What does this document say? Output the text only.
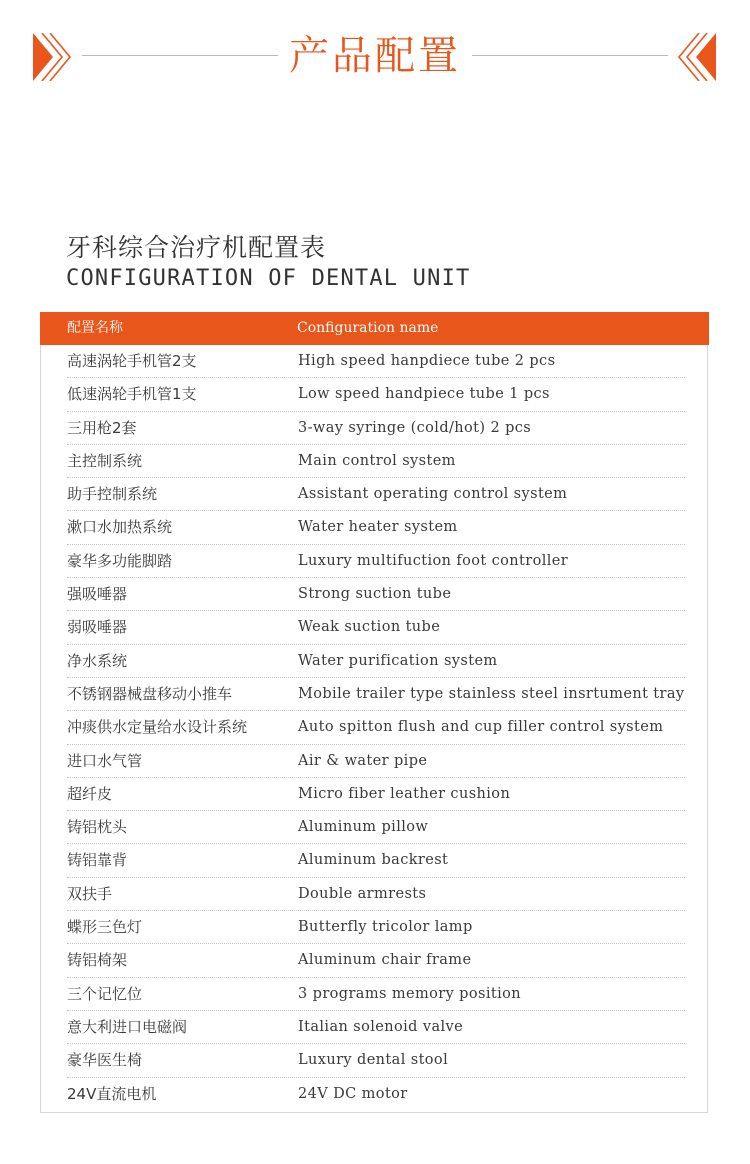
产品配置
牙科综合治疗机配置表
CONFIGURATION OF DENTAL UNIT
配置名称	Configuration name
高速涡轮手机管2支	High speed hanpdiece tube 2 pcs
低速涡轮手机管1支	Low speed handpiece tube 1 pcs
三用枪2套	3-way syringe (cold/hot) 2 pcs
主控制系统	Main control system
助手控制系统	Assistant operating control system
漱口水加热系统	Water heater system
豪华多功能脚踏	Luxury multifuction foot controller
强吸唾器	Strong suction tube
弱吸唾器	Weak suction tube
净水系统	Water purification system
不锈钢器械盘移动小推车	Mobile trailer type stainless steel insrtument tray
冲痰供水定量给水设计系统	Auto spitton flush and cup filler control system
进口水气管	Air & water pipe
超纤皮	Micro fiber leather cushion
铸铝枕头	Aluminum pillow
铸铝靠背	Aluminum backrest
双扶手	Double armrests
蝶形三色灯	Butterfly tricolor lamp
铸铝椅架	Aluminum chair frame
三个记忆位	3 programs memory position
意大利进口电磁阀	Italian solenoid valve
豪华医生椅	Luxury dental stool
24V直流电机	24V DC motor
